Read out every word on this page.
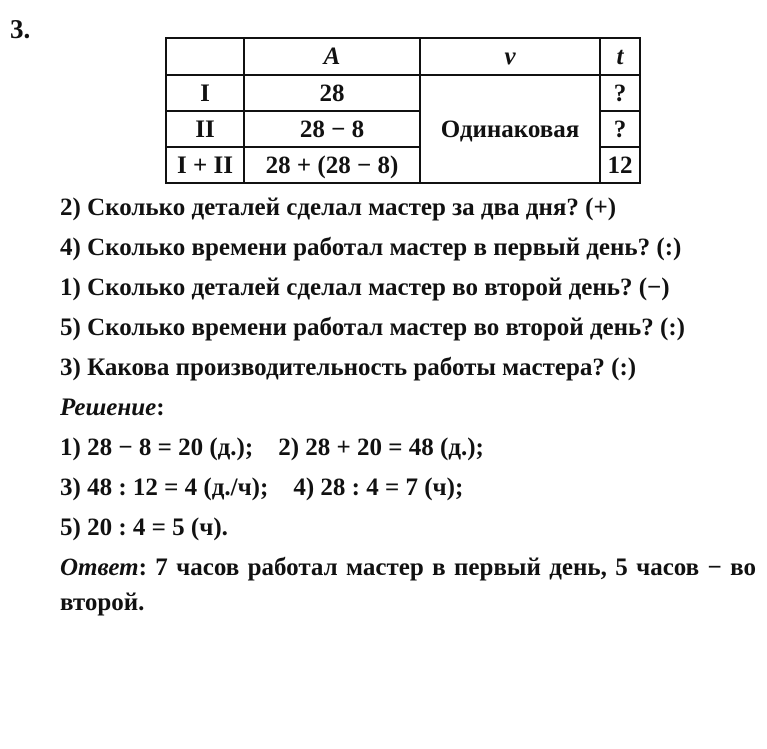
3.
	A	v	t
I	28	Одинаковая	?
II	28 − 8		?
I + II	28 + (28 − 8)		12

2) Сколько деталей сделал мастер за два дня? (+)

4) Сколько времени работал мастер в первый день? (:)

1) Сколько деталей сделал мастер во второй день? (−)

5) Сколько времени работал мастер во второй день? (:)

3) Какова производительность работы мастера? (:)

Решение:

1) 28 − 8 = 20 (д.);    2) 28 + 20 = 48 (д.);

3) 48 : 12 = 4 (д./ч);    4) 28 : 4 = 7 (ч);

5) 20 : 4 = 5 (ч).

Ответ: 7 часов работал мастер в первый день, 5 часов − во второй.
